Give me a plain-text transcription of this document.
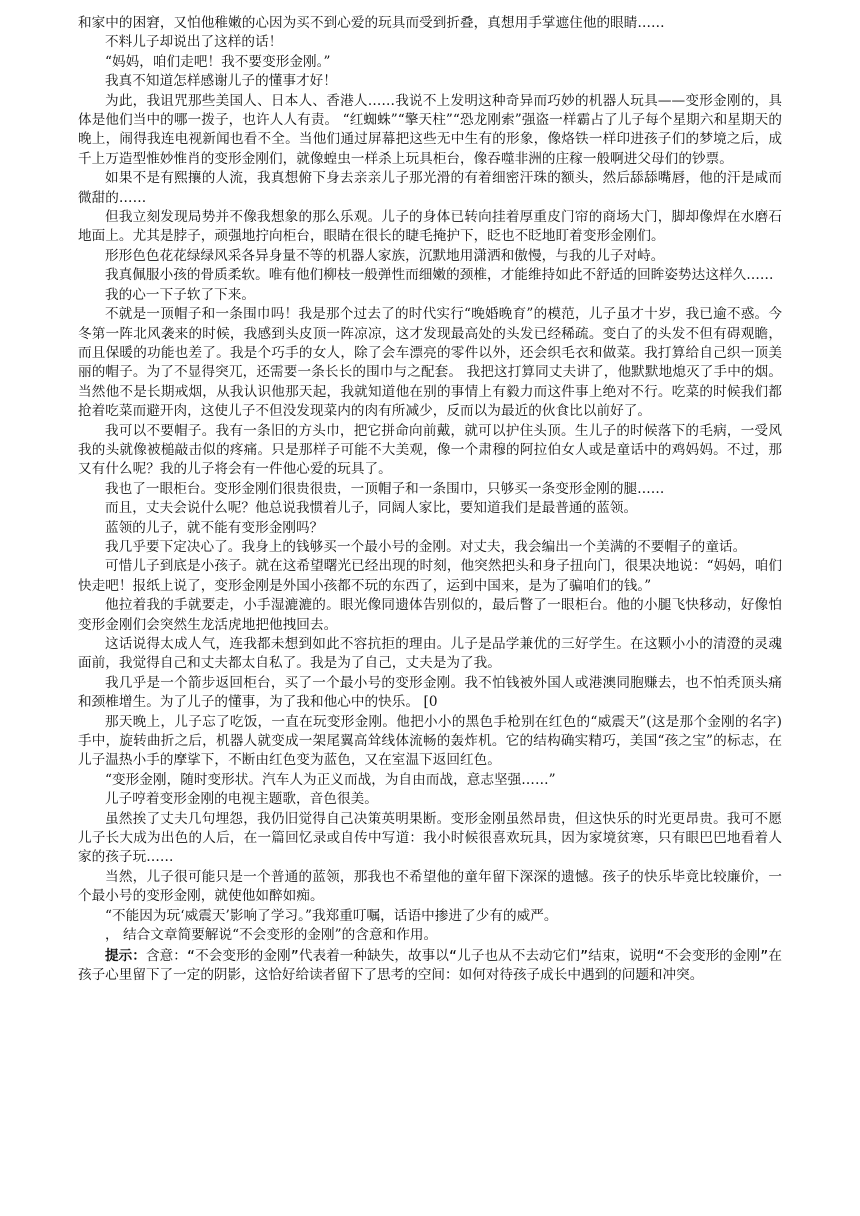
和家中的困窘，又怕他稚嫩的心因为买不到心爱的玩具而受到折叠，真想用手掌遮住他的眼睛……

不料儿子却说出了这样的话！

“妈妈，咱们走吧！我不要变形金刚。”

我真不知道怎样感谢儿子的懂事才好！

为此，我诅咒那些美国人、日本人、香港人……我说不上发明这种奇异而巧妙的机器人玩具——变形金刚的，具体是他们当中的哪一拨子，也许人人有责。 “红蜘蛛”“擎天柱”“恐龙刚索”强盗一样霸占了儿子每个星期六和星期天的晚上，闹得我连电视新闻也看不全。当他们通过屏幕把这些无中生有的形象，像烙铁一样印进孩子们的梦境之后，成千上万造型惟妙惟肖的变形金刚们，就像蝗虫一样杀上玩具柜台，像吞噬非洲的庄稼一般啊进父母们的钞票。

如果不是有熙攘的人流，我真想俯下身去亲亲儿子那光滑的有着细密汗珠的额头，然后舔舔嘴唇，他的汗是咸而微甜的……

但我立刻发现局势并不像我想象的那么乐观。儿子的身体已转向挂着厚重皮门帘的商场大门，脚却像焊在水磨石地面上。尤其是脖子，顽强地拧向柜台，眼睛在很长的睫毛掩护下，眨也不眨地盯着变形金刚们。

形形色色花花绿绿风采各异身量不等的机器人家族，沉默地用潇洒和傲慢，与我的儿子对峙。

我真佩服小孩的骨质柔软。唯有他们柳枝一般弹性而细嫩的颈椎，才能维持如此不舒适的回眸姿势达这样久……

我的心一下子软了下来。

不就是一顶帽子和一条围巾吗！我是那个过去了的时代实行“晚婚晚育”的模范，儿子虽才十岁，我已逾不惑。今冬第一阵北风袭来的时候，我感到头皮顶一阵凉凉，这才发现最高处的头发已经稀疏。变白了的头发不但有碍观瞻，而且保暖的功能也差了。我是个巧手的女人，除了会车漂亮的零件以外，还会织毛衣和做菜。我打算给自己织一顶美丽的帽子。为了不显得突兀，还需要一条长长的围巾与之配套。 我把这打算同丈夫讲了，他默默地熄灭了手中的烟。当然他不是长期戒烟，从我认识他那天起，我就知道他在别的事情上有毅力而这件事上绝对不行。吃菜的时候我们都抢着吃菜而避开肉，这使儿子不但没发现菜内的肉有所减少，反而以为最近的伙食比以前好了。

我可以不要帽子。我有一条旧的方头巾，把它拼命向前戴，就可以护住头顶。生儿子的时候落下的毛病，一受风我的头就像被槌敲击似的疼痛。只是那样子可能不大美观，像一个肃穆的阿拉伯女人或是童话中的鸡妈妈。不过，那又有什么呢？我的儿子将会有一件他心爱的玩具了。

我也了一眼柜台。变形金刚们很贵很贵，一顶帽子和一条围巾，只够买一条变形金刚的腿……

而且，丈夫会说什么呢？他总说我惯着儿子，同阔人家比，要知道我们是最普通的蓝领。

蓝领的儿子，就不能有变形金刚吗？

我几乎要下定决心了。我身上的钱够买一个最小号的金刚。对丈夫，我会编出一个美满的不要帽子的童话。

可惜儿子到底是小孩子。就在这希望曙光已经出现的时刻，他突然把头和身子扭向门，很果决地说：“妈妈，咱们快走吧！报纸上说了，变形金刚是外国小孩都不玩的东西了，运到中国来，是为了骗咱们的钱。”

他拉着我的手就要走，小手湿漉漉的。眼光像同遗体告别似的，最后瞥了一眼柜台。他的小腿飞快移动，好像怕变形金刚们会突然生龙活虎地把他拽回去。

这话说得太成人气，连我都未想到如此不容抗拒的理由。儿子是品学兼优的三好学生。在这颗小小的清澄的灵魂面前，我觉得自己和丈夫都太自私了。我是为了自己，丈夫是为了我。

我几乎是一个箭步返回柜台，买了一个最小号的变形金刚。我不怕钱被外国人或港澳同胞赚去，也不怕秃顶头痛和颈椎增生。为了儿子的懂事，为了我和他心中的快乐。 [0

那天晚上，儿子忘了吃饭，一直在玩变形金刚。他把小小的黑色手枪别在红色的“威震天”(这是那个金刚的名字)手中，旋转曲折之后，机器人就变成一架尾翼高耸线体流畅的轰炸机。它的结构确实精巧，美国“孩之宝”的标志，在儿子温热小手的摩挲下，不断由红色变为蓝色，又在室温下返回红色。

“变形金刚，随时变形状。汽车人为正义而战，为自由而战，意志坚强……”

儿子哼着变形金刚的电视主题歌，音色很美。

虽然挨了丈夫几句埋怨，我仍旧觉得自己决策英明果断。变形金刚虽然昂贵，但这快乐的时光更昂贵。我可不愿儿子长大成为出色的人后，在一篇回忆录或自传中写道：我小时候很喜欢玩具，因为家境贫寒，只有眼巴巴地看着人家的孩子玩……

当然，儿子很可能只是一个普通的蓝领，那我也不希望他的童年留下深深的遗憾。孩子的快乐毕竟比较廉价，一个最小号的变形金刚，就使他如醉如痴。

“不能因为玩‘威震天’影响了学习。”我郑重叮嘱，话语中掺进了少有的威严。

， 结合文章简要解说“不会变形的金刚”的含意和作用。

提示：含意：“不会变形的金刚”代表着一种缺失，故事以“儿子也从不去动它们”结束，说明“不会变形的金刚”在孩子心里留下了一定的阴影，这恰好给读者留下了思考的空间：如何对待孩子成长中遇到的问题和冲突。
